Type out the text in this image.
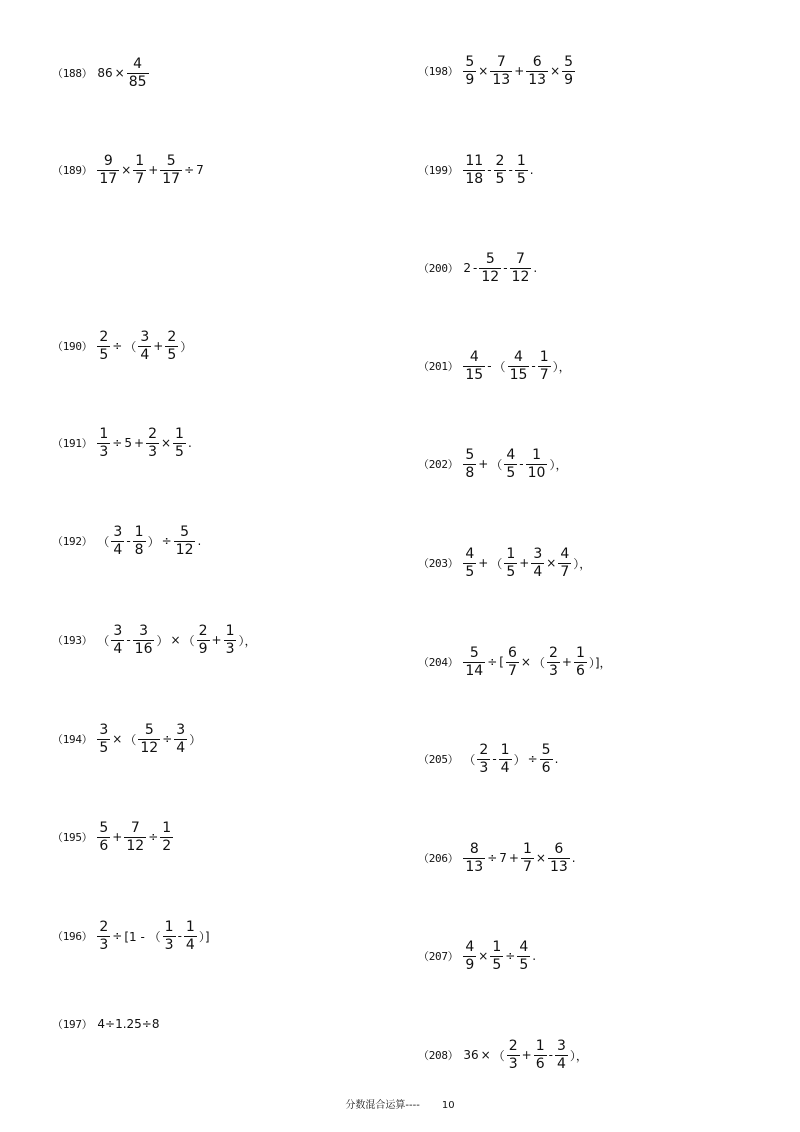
（188） $86 \times \frac{4}{85}$
$(189) \frac{9}{17} \times \frac{1}{7} + \frac{5}{17} \div 7$
$(190) \frac{2}{5}$ ÷ （ $\frac{3}{4} + \frac{2}{5}$ ）
$(191) \frac{1}{3} \div 5 + \frac{2}{3} \times \frac{1}{5}$ .
（192） （ $\frac{3}{4} - \frac{1}{8}$ ） ÷ $\frac{5}{12}$ .
（193） （ $\frac{3}{4} - \frac{3}{16}$ ） × （ $\frac{2}{9} + \frac{1}{3}$ ），
$(194) \frac{3}{5}$ × （ $\frac{5}{12} \div \frac{3}{4}$ ）
$(195) \frac{5}{6} + \frac{7}{12} \div \frac{1}{2}$
$(196) \frac{2}{3} \div [1$ - （ $\frac{1}{3} - \frac{1}{4}$ ）]
（197） 4÷1.25÷8
$(198) \frac{5}{9} \times \frac{7}{13} + \frac{6}{13} \times \frac{5}{9}$
$(199) \frac{11}{18} - \frac{2}{5} - \frac{1}{5}$ .
（200） $2 - \frac{5}{12} - \frac{7}{12}$ .
$(201) \frac{4}{15}$ - （ $\frac{4}{15} - \frac{1}{7}$ ），
$(202) \frac{5}{8}$ + （ $\frac{4}{5} - \frac{1}{10}$ ），
$(203) \frac{4}{5}$ + （ $\frac{1}{5} + \frac{3}{4} \times \frac{4}{7}$ ），
$(204) \frac{5}{14}$ ÷ [ $\frac{6}{7}$ × （ $\frac{2}{3} + \frac{1}{6}$ ）]，
（205） （ $\frac{2}{3} - \frac{1}{4}$ ） ÷ $\frac{5}{6}$ .
$(206) \frac{8}{13} \div 7 + \frac{1}{7} \times \frac{6}{13}$ .
$(207) \frac{4}{9} \times \frac{1}{5} \div \frac{4}{5}$ .
（208） 36 × （ $\frac{2}{3} + \frac{1}{6} - \frac{3}{4}$ ），
分数混合运算---- 10
